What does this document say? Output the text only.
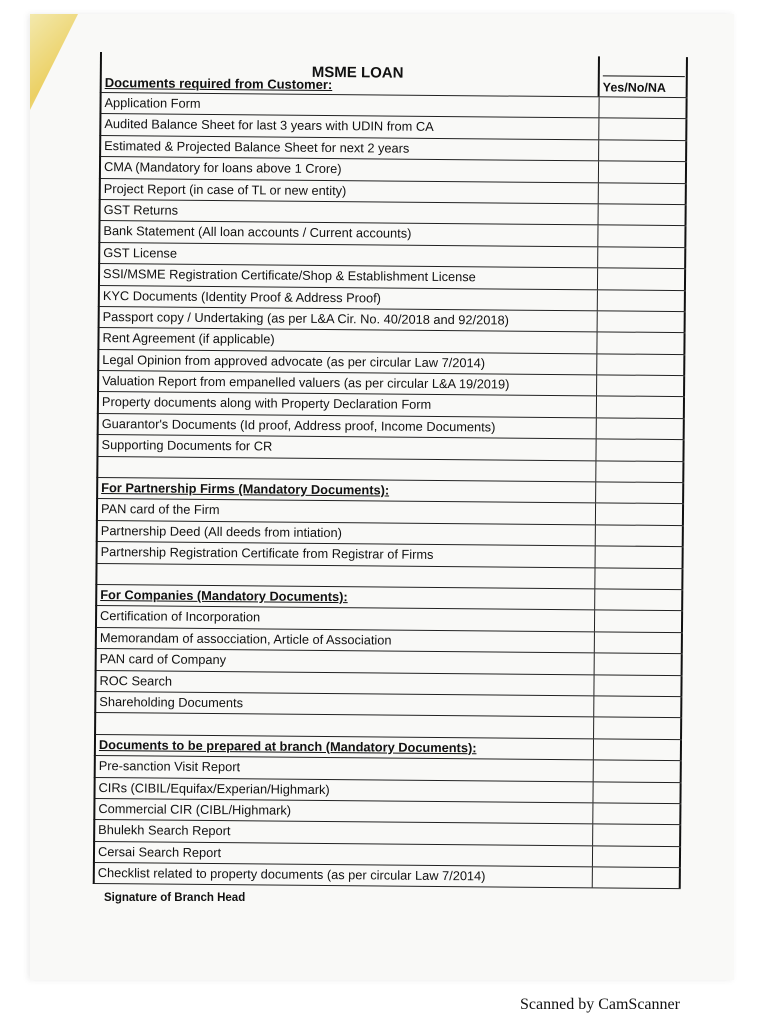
MSME LOAN
Documents required from Customer:	Yes/No/NA
Application Form
Audited Balance Sheet for last 3 years with UDIN from CA
Estimated & Projected Balance Sheet for next 2 years
CMA (Mandatory for loans above 1 Crore)
Project Report (in case of TL or new entity)
GST Returns
Bank Statement (All loan accounts / Current accounts)
GST License
SSI/MSME Registration Certificate/Shop & Establishment License
KYC Documents (Identity Proof & Address Proof)
Passport copy / Undertaking (as per L&A Cir. No. 40/2018 and 92/2018)
Rent Agreement (if applicable)
Legal Opinion from approved advocate (as per circular Law 7/2014)
Valuation Report from empanelled valuers (as per circular L&A 19/2019)
Property documents along with Property Declaration Form
Guarantor's Documents (Id proof, Address proof, Income Documents)
Supporting Documents for CR
For Partnership Firms (Mandatory Documents):
PAN card of the Firm
Partnership Deed (All deeds from intiation)
Partnership Registration Certificate from Registrar of Firms
For Companies (Mandatory Documents):
Certification of Incorporation
Memorandam of assocciation, Article of Association
PAN card of Company
ROC Search
Shareholding Documents
Documents to be prepared at branch (Mandatory Documents):
Pre-sanction Visit Report
CIRs (CIBIL/Equifax/Experian/Highmark)
Commercial CIR (CIBL/Highmark)
Bhulekh Search Report
Cersai Search Report
Checklist related to property documents (as per circular Law 7/2014)
Signature of Branch Head
Scanned by CamScanner
